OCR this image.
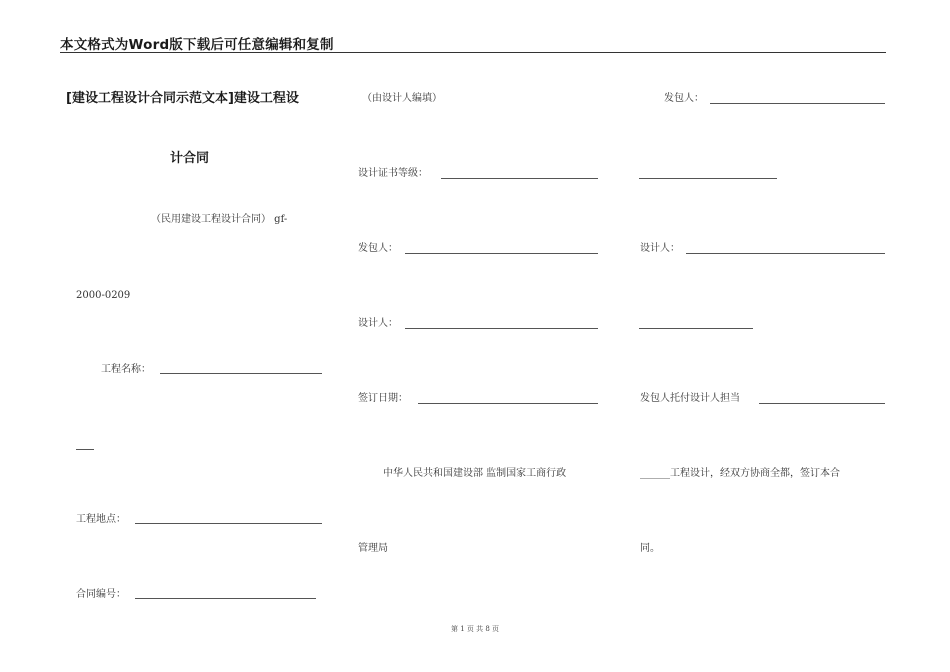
本文格式为Word版下载后可任意编辑和复制
[建设工程设计合同示范文本]建设工程设
计合同
（民用建设工程设计合同） gf-
2000-0209
工程名称：
工程地点：
合同编号：
（由设计人编填）
设计证书等级：
发包人：
设计人：
签订日期：
中华人民共和国建设部 监制国家工商行政
管理局
发包人：
设计人：
发包人托付设计人担当
______工程设计，经双方协商全都，签订本合
同。
第 1 页 共 8 页
